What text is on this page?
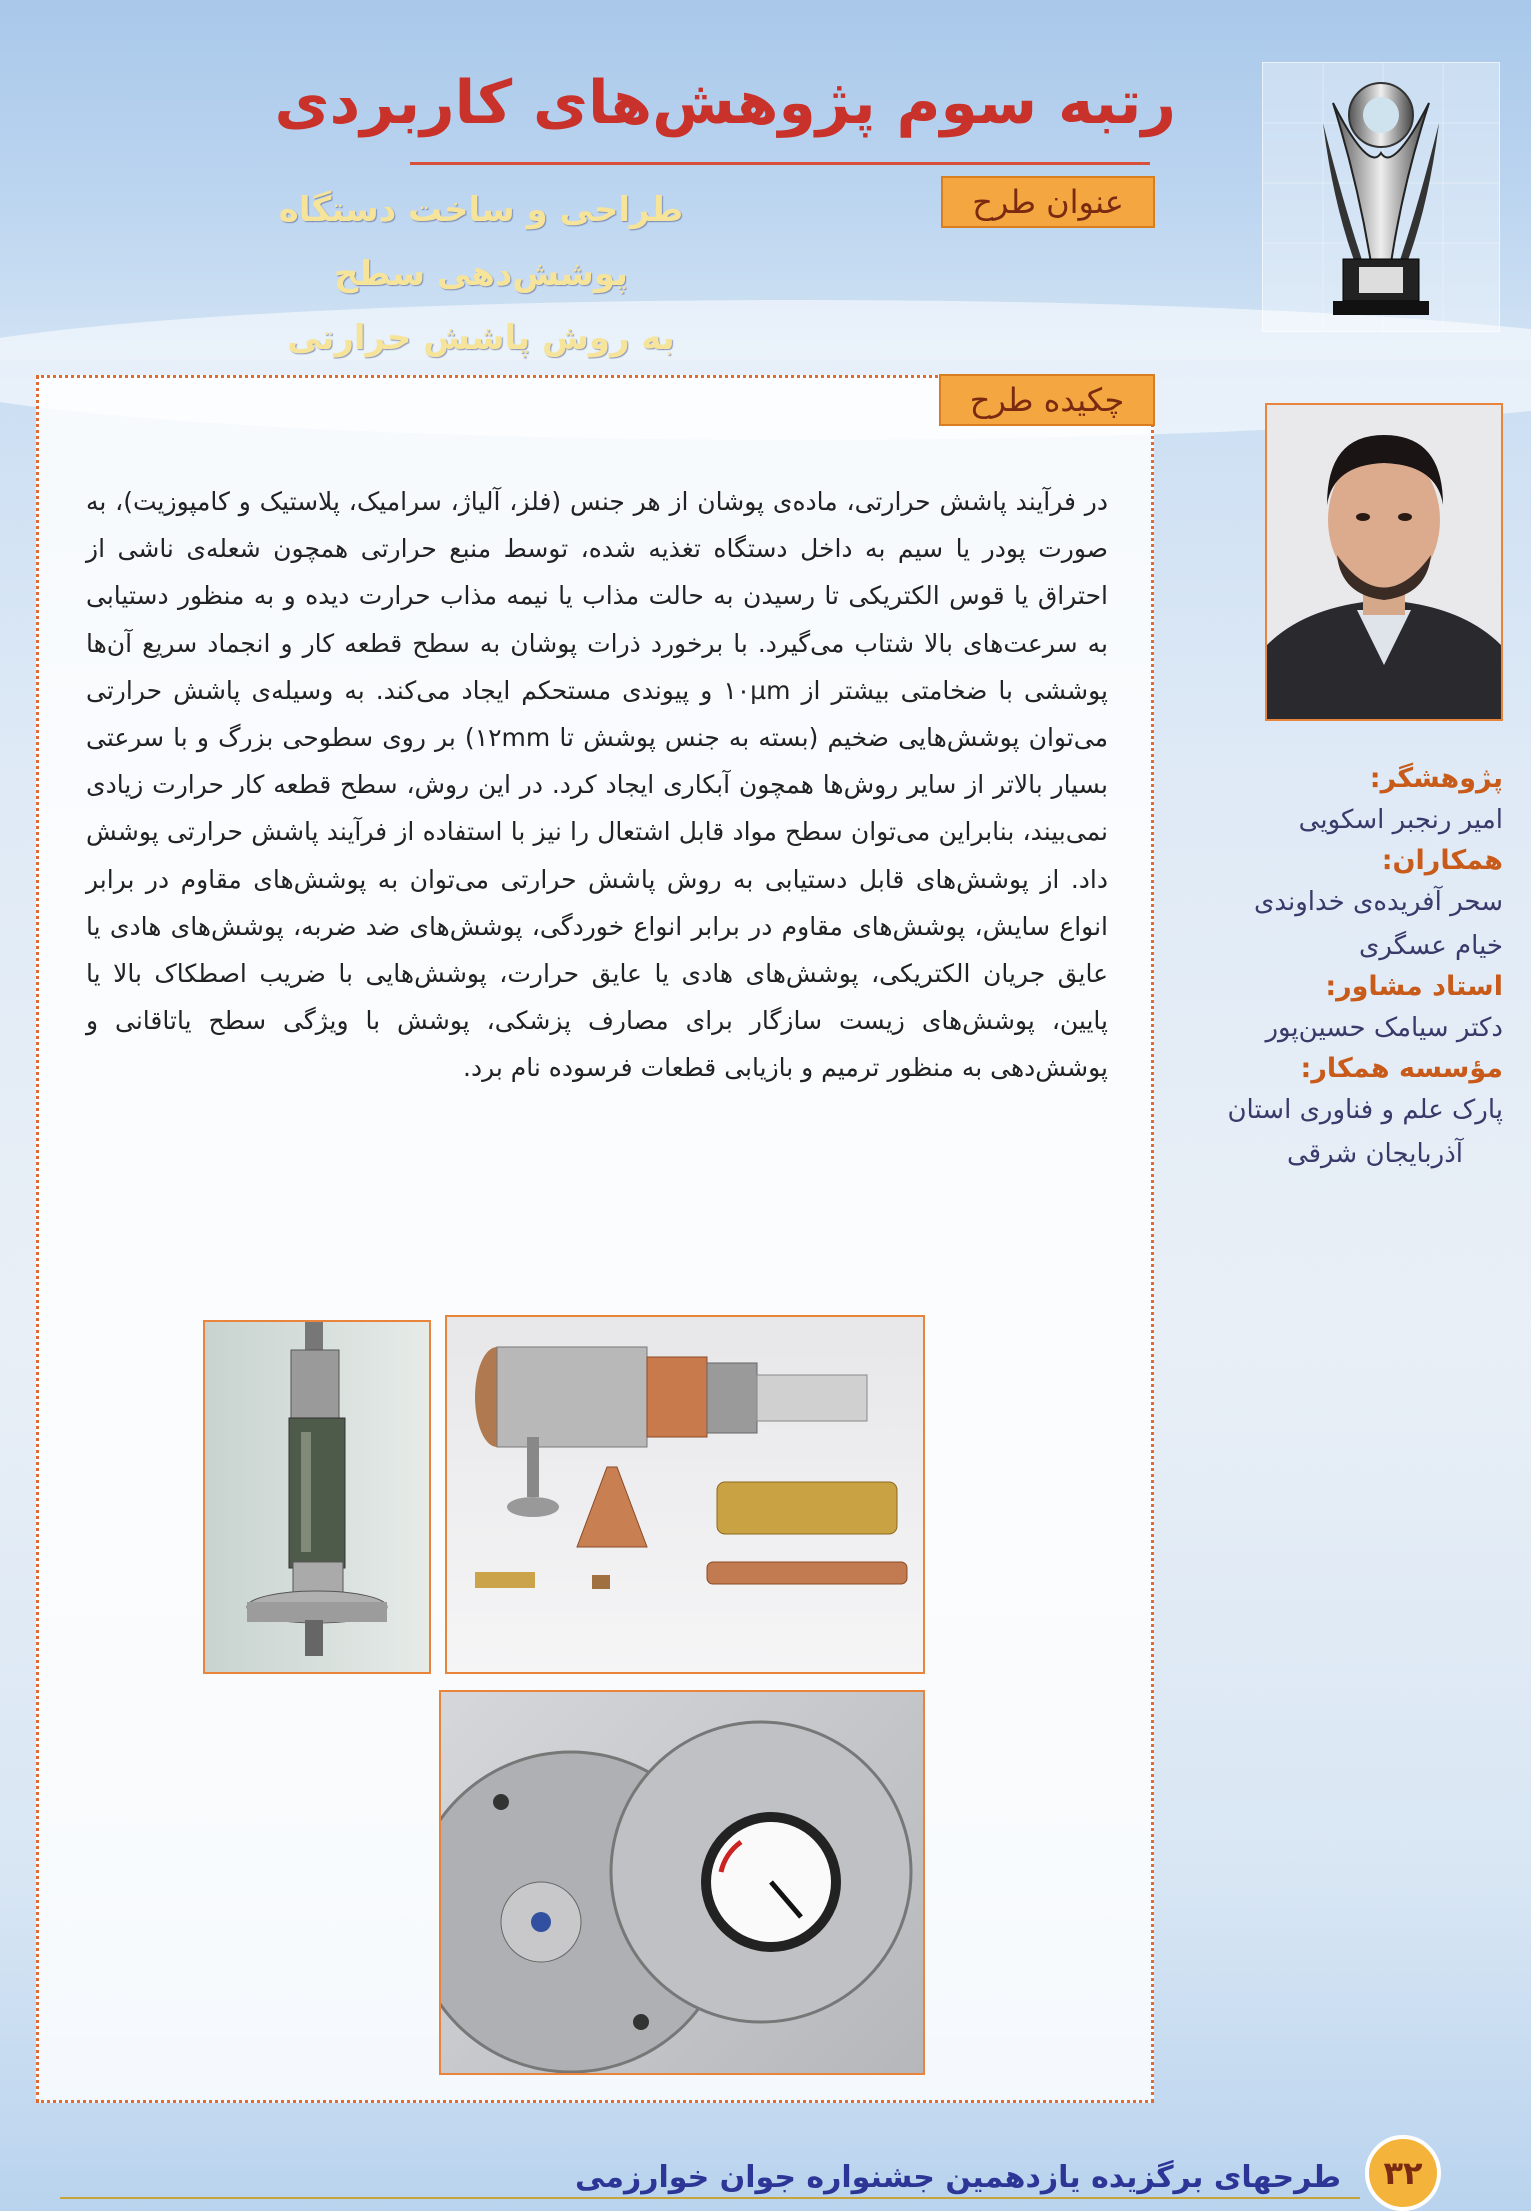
رتبه سوم پژوهش‌های کاربردی
عنوان طرح
طراحی و ساخت دستگاه پوشش‌دهی سطح
به روش پاشش حرارتی
چکیده طرح
در فرآیند پاشش حرارتی، ماده‌ی پوشان از هر جنس (فلز، آلیاژ، سرامیک، پلاستیک و کامپوزیت)، به صورت پودر یا سیم به داخل دستگاه تغذیه شده، توسط منبع حرارتی همچون شعله‌ی ناشی از احتراق یا قوس الکتریکی تا رسیدن به حالت مذاب یا نیمه مذاب حرارت دیده و به منظور دستیابی به سرعت‌های بالا شتاب می‌گیرد. با برخورد ذرات پوشان به سطح قطعه کار و انجماد سریع آن‌ها پوششی با ضخامتی بیشتر از ۱۰µm و پیوندی مستحکم ایجاد می‌کند. به وسیله‌ی پاشش حرارتی می‌توان پوشش‌هایی ضخیم (بسته به جنس پوشش تا ۱۲mm) بر روی سطوحی بزرگ و با سرعتی بسیار بالاتر از سایر روش‌ها همچون آبکاری ایجاد کرد. در این روش، سطح قطعه کار حرارت زیادی نمی‌بیند، بنابراین می‌توان سطح مواد قابل اشتعال را نیز با استفاده از فرآیند پاشش حرارتی پوشش داد. از پوشش‌های قابل دستیابی به روش پاشش حرارتی می‌توان به پوشش‌های مقاوم در برابر انواع سایش، پوشش‌های مقاوم در برابر انواع خوردگی، پوشش‌های ضد ضربه، پوشش‌های هادی یا عایق جریان الکتریکی، پوشش‌های هادی یا عایق حرارت، پوشش‌هایی با ضریب اصطکاک بالا یا پایین، پوشش‌های زیست سازگار برای مصارف پزشکی، پوشش با ویژگی سطح یاتاقانی و پوشش‌دهی به منظور ترمیم و بازیابی قطعات فرسوده نام برد.
پژوهشگر:
امیر رنجبر اسکویی
همکاران:
سحر آفریده‌ی خداوندی
خیام عسگری
استاد مشاور:
دکتر سیامک حسین‌پور
مؤسسه همکار:
پارک علم و فناوری استان
آذربایجان شرقی
طرحهای برگزیده یازدهمین جشنواره جوان خوارزمی	۳۲
